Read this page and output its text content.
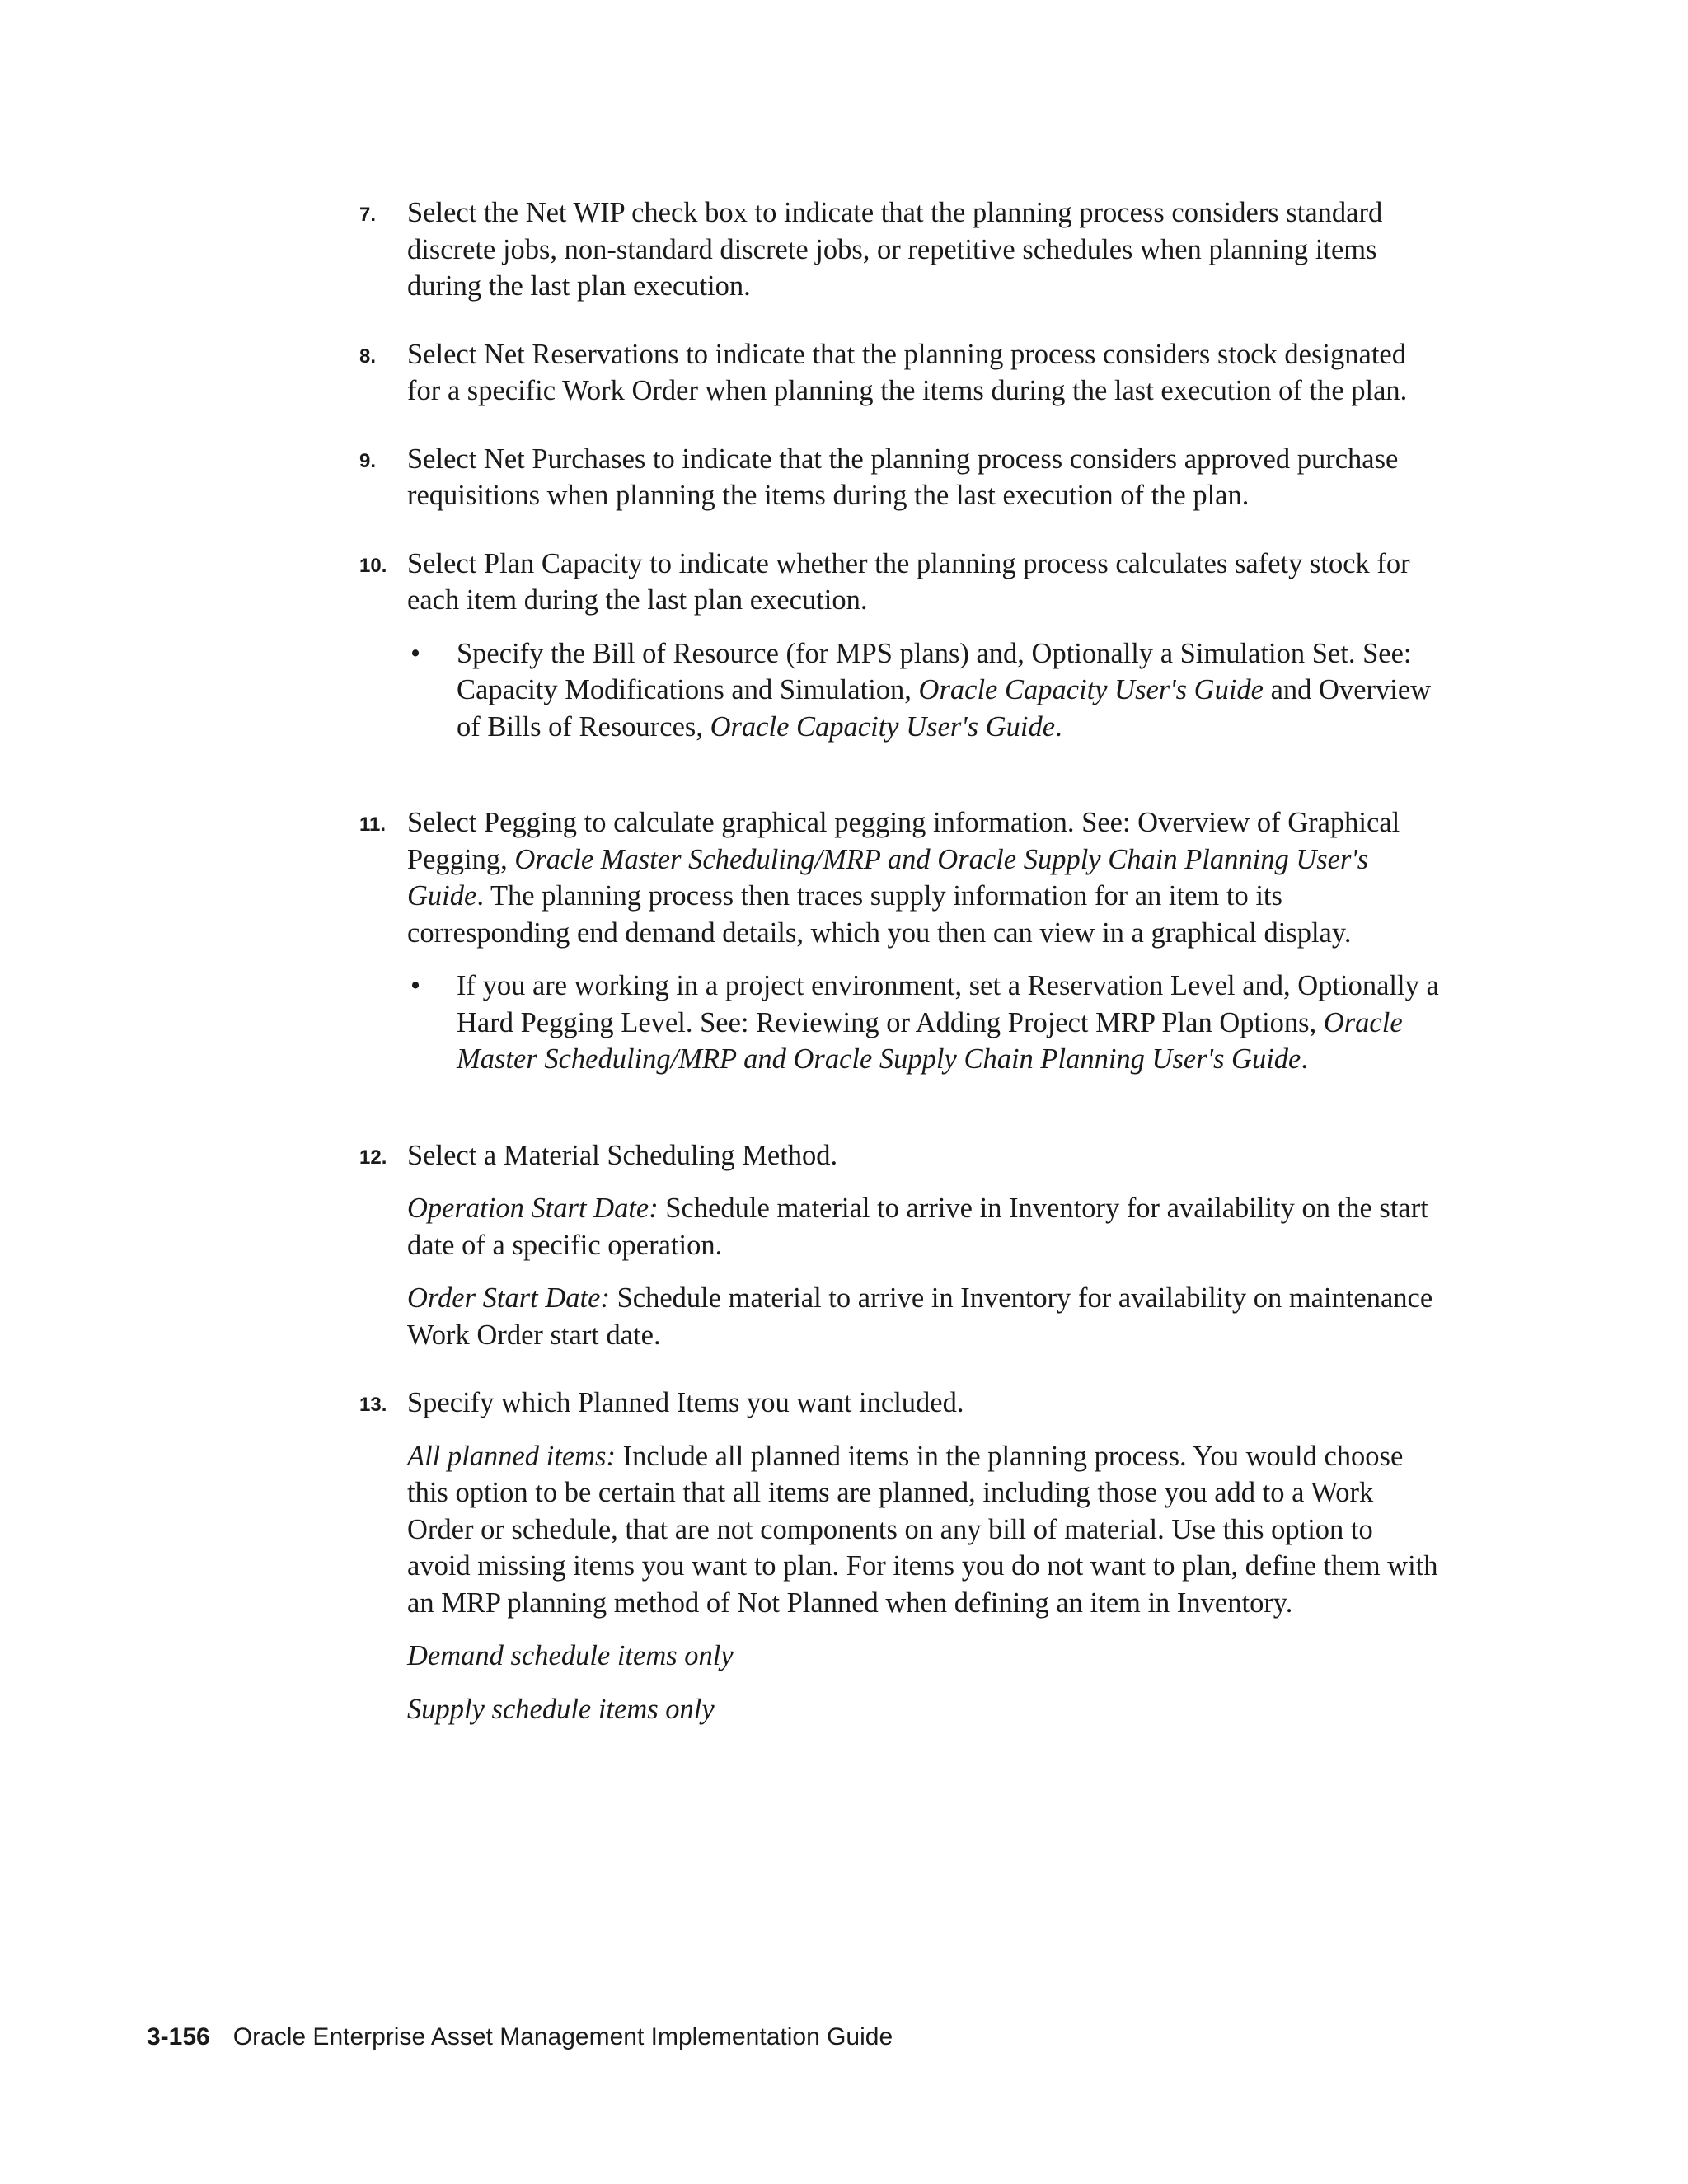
7. Select the Net WIP check box to indicate that the planning process considers standard discrete jobs, non-standard discrete jobs, or repetitive schedules when planning items during the last plan execution.

8. Select Net Reservations to indicate that the planning process considers stock designated for a specific Work Order when planning the items during the last execution of the plan.

9. Select Net Purchases to indicate that the planning process considers approved purchase requisitions when planning the items during the last execution of the plan.

10. Select Plan Capacity to indicate whether the planning process calculates safety stock for each item during the last plan execution.

• Specify the Bill of Resource (for MPS plans) and, Optionally a Simulation Set. See: Capacity Modifications and Simulation, Oracle Capacity User's Guide and Overview of Bills of Resources, Oracle Capacity User's Guide.
11. Select Pegging to calculate graphical pegging information. See: Overview of Graphical Pegging, Oracle Master Scheduling/MRP and Oracle Supply Chain Planning User's Guide. The planning process then traces supply information for an item to its corresponding end demand details, which you then can view in a graphical display.

• If you are working in a project environment, set a Reservation Level and, Optionally a Hard Pegging Level. See: Reviewing or Adding Project MRP Plan Options, Oracle Master Scheduling/MRP and Oracle Supply Chain Planning User's Guide.
12. Select a Material Scheduling Method.

Operation Start Date: Schedule material to arrive in Inventory for availability on the start date of a specific operation.

Order Start Date: Schedule material to arrive in Inventory for availability on maintenance Work Order start date.

13. Specify which Planned Items you want included.

All planned items: Include all planned items in the planning process. You would choose this option to be certain that all items are planned, including those you add to a Work Order or schedule, that are not components on any bill of material. Use this option to avoid missing items you want to plan. For items you do not want to plan, define them with an MRP planning method of Not Planned when defining an item in Inventory.

Demand schedule items only

Supply schedule items only

3-156 Oracle Enterprise Asset Management Implementation Guide
